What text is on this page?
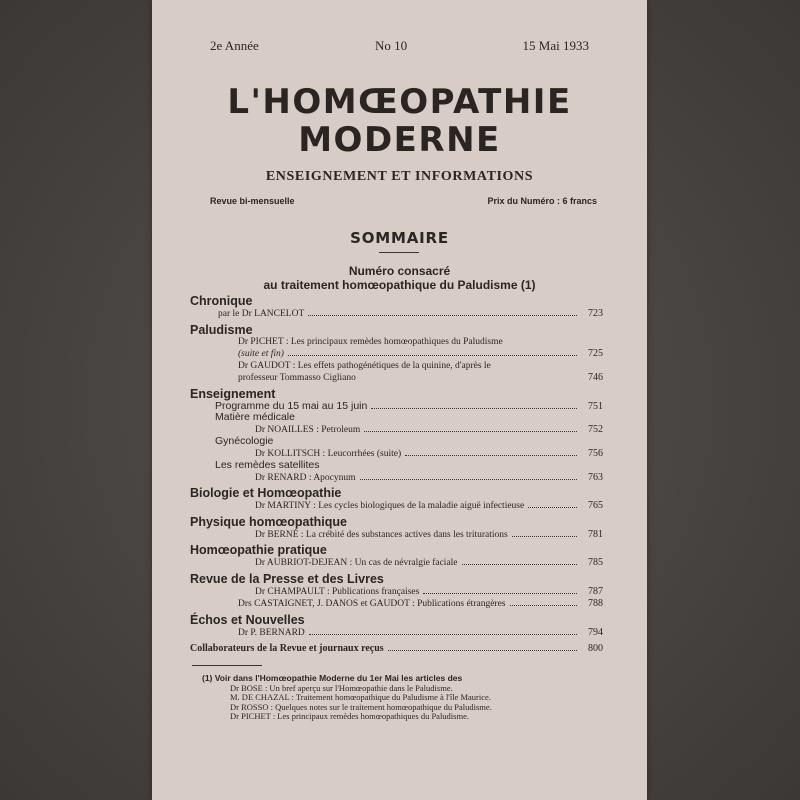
2e Année	No 10	15 Mai 1933
L'HOMŒOPATHIE
MODERNE
ENSEIGNEMENT ET INFORMATIONS
Revue bi-mensuelle	Prix du Numéro : 6 francs
SOMMAIRE
Numéro consacré
au traitement homœopathique du Paludisme (1)
Chronique
par le Dr LANCELOT	723
Paludisme
Dr PICHET : Les principaux remèdes homœopathiques du Paludisme
(suite et fin)	725
Dr GAUDOT : Les effets pathogénétiques de la quinine, d'après le
professeur Tommasso Cigliano	746
Enseignement
Programme du 15 mai au 15 juin	751
Matière médicale
Dr NOAILLES : Petroleum	752
Gynécologie
Dr KOLLITSCH : Leucorrhées (suite)	756
Les remèdes satellites
Dr RENARD : Apocynum	763
Biologie et Homœopathie
Dr MARTINY : Les cycles biologiques de la maladie aiguë infectieuse	765
Physique homœopathique
Dr BERNÉ : La crébité des substances actives dans les triturations	781
Homœopathie pratique
Dr AUBRIOT-DEJEAN : Un cas de névralgie faciale	785
Revue de la Presse et des Livres
Dr CHAMPAULT : Publications françaises	787
Drs CASTAIGNET, J. DANOS et GAUDOT : Publications étrangères	788
Échos et Nouvelles
Dr P. BERNARD	794
Collaborateurs de la Revue et journaux reçus	800
(1) Voir dans l'Homœopathie Moderne du 1er Mai les articles des
Dr BOSE : Un bref aperçu sur l'Homœopathie dans le Paludisme.
M. DE CHAZAL : Traitement homœopathique du Paludisme à l'île Maurice.
Dr ROSSO : Quelques notes sur le traitement homœopathique du Paludisme.
Dr PICHET : Les principaux remèdes homœopathiques du Paludisme.
